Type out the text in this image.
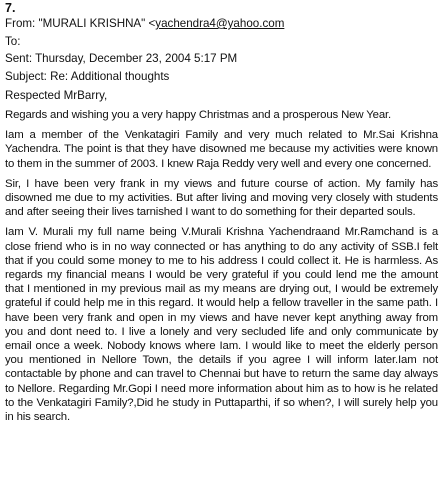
7.
From: "MURALI KRISHNA" <yachendra4@yahoo.com
To:
Sent: Thursday, December 23, 2004 5:17 PM
Subject: Re: Additional thoughts
Respected MrBarry,
Regards and wishing you a very happy Christmas and a prosperous New Year.
Iam a member of the Venkatagiri Family and very much related to Mr.Sai Krishna Yachendra. The point is that they have disowned me because my activities were known to them in the summer of 2003. I knew Raja Reddy very well and every one concerned.
Sir, I have been very frank in my views and future course of action. My family has disowned me due to my activities. But after living and moving very closely with students and after seeing their lives tarnished I want to do something for their departed souls.
Iam V. Murali my full name being V.Murali Krishna Yachendraand Mr.Ramchand is a close friend who is in no way connected or has anything to do any activity of SSB.I felt that if you could some money to me to his address I could collect it. He is harmless. As regards my financial means I would be very grateful if you could lend me the amount that I mentioned in my previous mail as my means are drying out, I would be extremely grateful if could help me in this regard. It would help a fellow traveller in the same path. I have been very frank and open in my views and have never kept anything away from you and dont need to. I live a lonely and very secluded life and only communicate by email once a week. Nobody knows where Iam. I would like to meet the elderly person you mentioned in Nellore Town, the details if you agree I will inform later.Iam not contactable by phone and can travel to Chennai but have to return the same day always to Nellore. Regarding Mr.Gopi I need more information about him as to how is he related to the Venkatagiri Family?,Did he study in Puttaparthi, if so when?, I will surely help you in his search.
